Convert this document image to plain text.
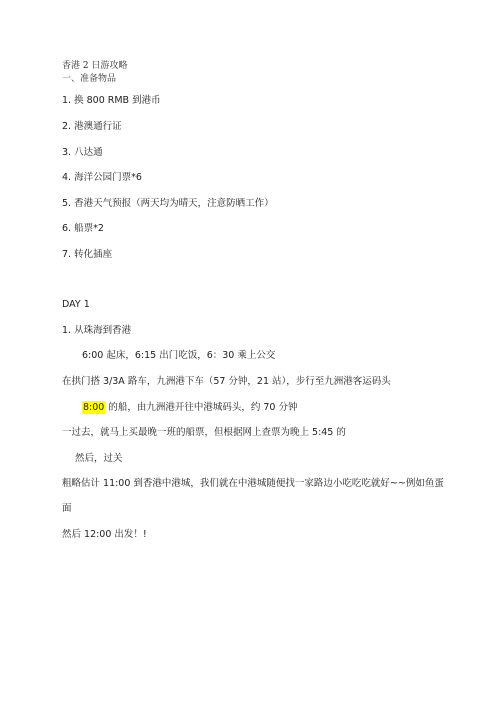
香港 2 日游攻略
一、准备物品
1. 换 800 RMB 到港币
2. 港澳通行证
3. 八达通
4. 海洋公园门票*6
5. 香港天气预报（两天均为晴天，注意防晒工作）
6. 船票*2
7. 转化插座
DAY 1
1. 从珠海到香港
6:00 起床，6:15 出门吃饭，6：30 乘上公交
在拱门搭 3/3A 路车，九洲港下车（57 分钟，21 站），步行至九洲港客运码头
8:00 的船，由九洲港开往中港城码头，约 70 分钟
一过去，就马上买最晚一班的船票，但根据网上查票为晚上 5:45 的
然后，过关
粗略估计 11:00 到香港中港城，我们就在中港城随便找一家路边小吃吃吃就好~~例如鱼蛋
面
然后 12:00 出发！!
